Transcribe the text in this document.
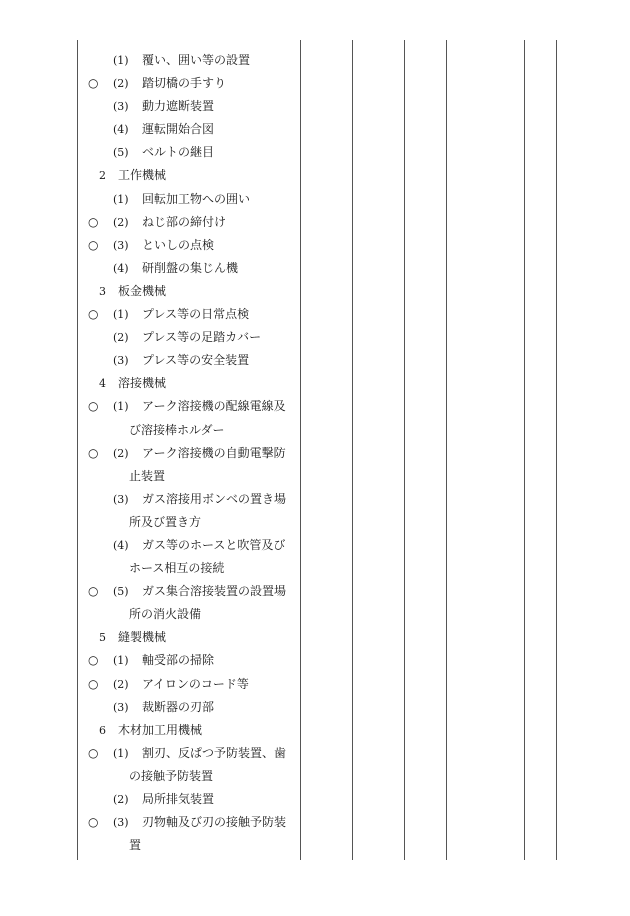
(1) 覆い、囲い等の設置
○ (2) 踏切橋の手すり
(3) 動力遮断装置
(4) 運転開始合図
(5) ベルトの継目
2 工作機械
(1) 回転加工物への囲い
○ (2) ねじ部の締付け
○ (3) といしの点検
(4) 研削盤の集じん機
3 板金機械
○ (1) プレス等の日常点検
(2) プレス等の足踏カバー
(3) プレス等の安全装置
4 溶接機械
○ (1) アーク溶接機の配線電線及
び溶接棒ホルダー
○ (2) アーク溶接機の自動電撃防
止装置
(3) ガス溶接用ボンベの置き場
所及び置き方
(4) ガス等のホースと吹管及び
ホース相互の接続
○ (5) ガス集合溶接装置の設置場
所の消火設備
5 縫製機械
○ (1) 軸受部の掃除
○ (2) アイロンのコード等
(3) 裁断器の刃部
6 木材加工用機械
○ (1) 割刃、反ぱつ予防装置、歯
の接触予防装置
(2) 局所排気装置
○ (3) 刃物軸及び刃の接触予防装
置
